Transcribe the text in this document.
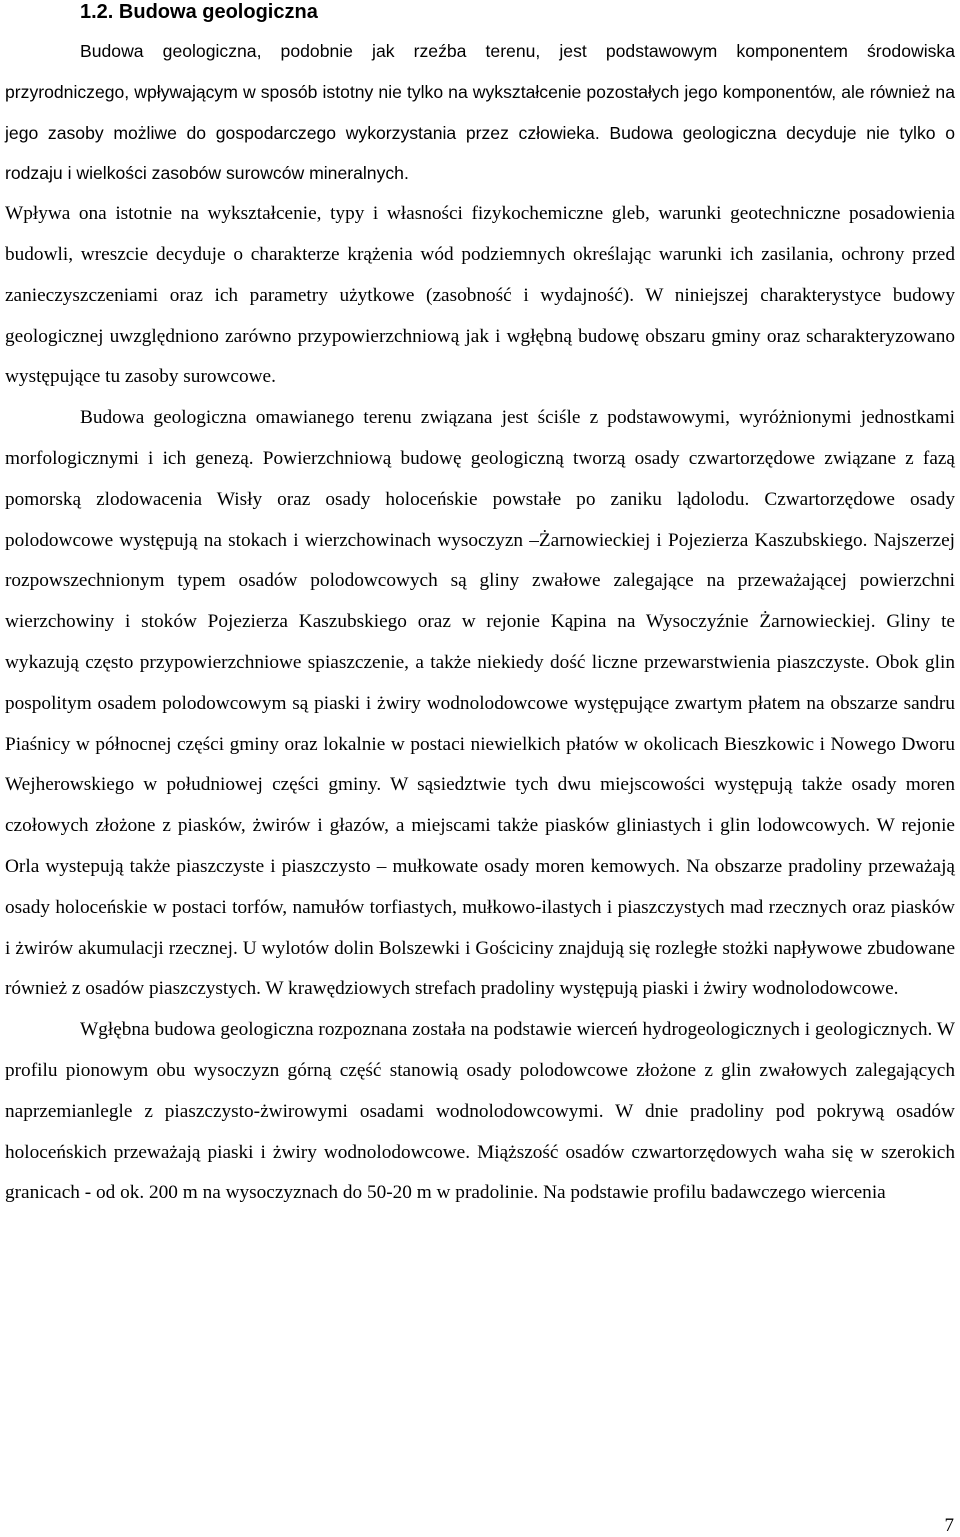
1.2. Budowa geologiczna

Budowa geologiczna, podobnie jak rzeźba terenu, jest podstawowym komponentem środowiska przyrodniczego, wpływającym w sposób istotny nie tylko na wykształcenie pozostałych jego komponentów, ale również na jego zasoby możliwe do gospodarczego wykorzystania przez człowieka. Budowa geologiczna decyduje nie tylko o rodzaju i wielkości zasobów surowców mineralnych.

Wpływa ona istotnie na wykształcenie, typy i własności fizykochemiczne gleb, warunki geotechniczne posadowienia budowli, wreszcie decyduje o charakterze krążenia wód podziemnych określając warunki ich zasilania, ochrony przed zanieczyszczeniami oraz ich parametry użytkowe (zasobność i wydajność). W niniejszej charakterystyce budowy geologicznej uwzględniono zarówno przypowierzchniową jak i wgłębną budowę obszaru gminy oraz scharakteryzowano występujące tu zasoby surowcowe.

Budowa geologiczna omawianego terenu związana jest ściśle z podstawowymi, wyróżnionymi jednostkami morfologicznymi i ich genezą. Powierzchniową budowę geologiczną tworzą osady czwartorzędowe związane z fazą pomorską zlodowacenia Wisły oraz osady holoceńskie powstałe po zaniku lądolodu. Czwartorzędowe osady polodowcowe występują na stokach i wierzchowinach wysoczyzn –Żarnowieckiej i Pojezierza Kaszubskiego. Najszerzej rozpowszechnionym typem osadów polodowcowych są gliny zwałowe zalegające na przeważającej powierzchni wierzchowiny i stoków Pojezierza Kaszubskiego oraz w rejonie Kąpina na Wysoczyźnie Żarnowieckiej. Gliny te wykazują często przypowierzchniowe spiaszczenie, a także niekiedy dość liczne przewarstwienia piaszczyste. Obok glin pospolitym osadem polodowcowym są piaski i żwiry wodnolodowcowe występujące zwartym płatem na obszarze sandru Piaśnicy w północnej części gminy oraz lokalnie w postaci niewielkich płatów w okolicach Bieszkowic i Nowego Dworu Wejherowskiego w południowej części gminy. W sąsiedztwie tych dwu miejscowości występują także osady moren czołowych złożone z piasków, żwirów i głazów, a miejscami także piasków gliniastych i glin lodowcowych. W rejonie Orla wystepują także piaszczyste i piaszczysto – mułkowate osady moren kemowych. Na obszarze pradoliny przeważają osady holoceńskie w postaci torfów, namułów torfiastych, mułkowo-ilastych i piaszczystych mad rzecznych oraz piasków i żwirów akumulacji rzecznej. U wylotów dolin Bolszewki i Gościciny znajdują się rozległe stożki napływowe zbudowane również z osadów piaszczystych. W krawędziowych strefach pradoliny występują piaski i żwiry wodnolodowcowe.

Wgłębna budowa geologiczna rozpoznana została na podstawie wierceń hydrogeologicznych i geologicznych. W profilu pionowym obu wysoczyzn górną część stanowią osady polodowcowe złożone z glin zwałowych zalegających naprzemianlegle z piaszczysto-żwirowymi osadami wodnolodowcowymi. W dnie pradoliny pod pokrywą osadów holoceńskich przeważają piaski i żwiry wodnolodowcowe. Miąższość osadów czwartorzędowych waha się w szerokich granicach - od ok. 200 m na wysoczyznach do 50-20 m w pradolinie. Na podstawie profilu badawczego wiercenia

7
